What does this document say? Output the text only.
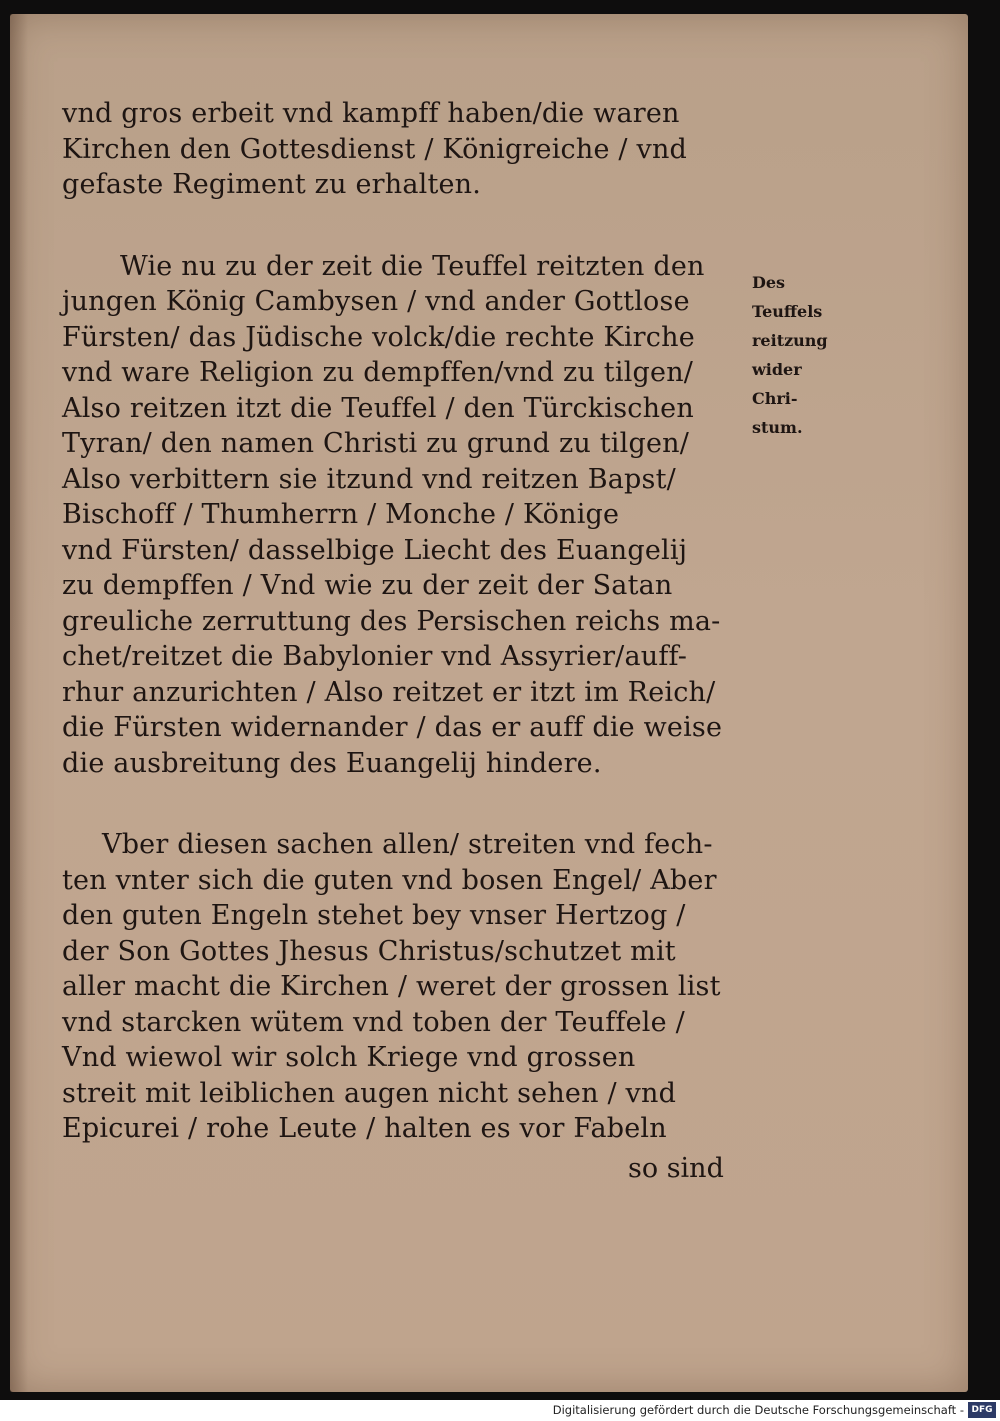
vnd gros erbeit vnd kampff haben/die waren
Kirchen den Gottesdienst / Königreiche / vnd
gefaste Regiment zu erhalten.

Wie nu zu der zeit die Teuffel reitzten den
jungen König Cambysen / vnd ander Gottlose
Fürsten/ das Jüdische volck/die rechte Kirche
vnd ware Religion zu dempffen/vnd zu tilgen/
Also reitzen itzt die Teuffel / den Türckischen
Tyran/ den namen Christi zu grund zu tilgen/
Also verbittern sie itzund vnd reitzen Bapst/
Bischoff / Thumherrn / Monche / Könige
vnd Fürsten/ dasselbige Liecht des Euangelij
zu dempffen / Vnd wie zu der zeit der Satan
greuliche zerruttung des Persischen reichs ma-
chet/reitzet die Babylonier vnd Assyrier/auff-
rhur anzurichten / Also reitzet er itzt im Reich/
die Fürsten widernander / das er auff die weise
die ausbreitung des Euangelij hindere.

Vber diesen sachen allen/ streiten vnd fech-
ten vnter sich die guten vnd bosen Engel/ Aber
den guten Engeln stehet bey vnser Hertzog /
der Son Gottes Jhesus Christus/schutzet mit
aller macht die Kirchen / weret der grossen list
vnd starcken wütem vnd toben der Teuffele /
Vnd wiewol wir solch Kriege vnd grossen
streit mit leiblichen augen nicht sehen / vnd
Epicurei / rohe Leute / halten es vor Fabeln

so sind
Des
Teuffels
reitzung
wider
Chri-
stum.
Digitalisierung gefördert durch die Deutsche Forschungsgemeinschaft - DFG
